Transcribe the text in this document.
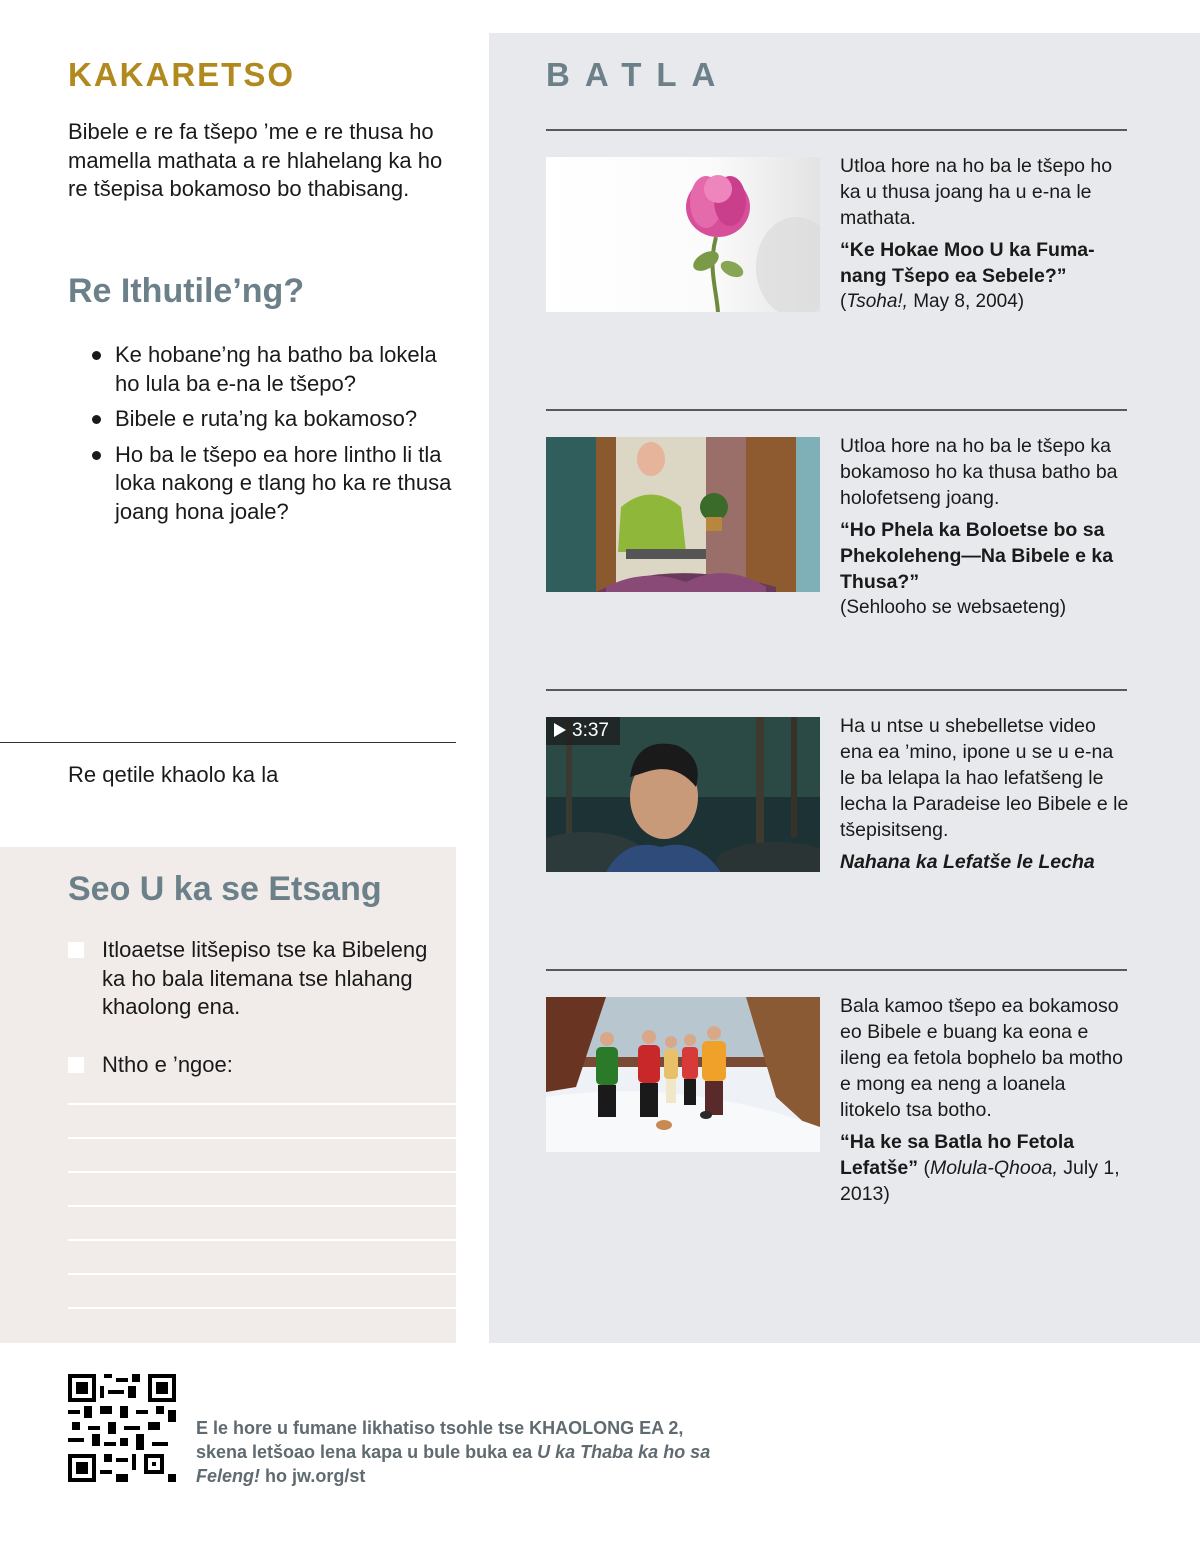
KAKARETSO

Bibele e re fa tšepo ’me e re thusa ho mamella mathata a re hlahelang ka ho re tšepisa bokamoso bo thabisang.

Re Ithutile’ng?
Ke hobane’ng ha batho ba lokela ho lula ba e-na le tšepo?
Bibele e ruta’ng ka bokamoso?
Ho ba le tšepo ea hore lintho li tla loka nakong e tlang ho ka re thusa joang hona joale?

Re qetile khaolo ka la

Seo U ka se Etsang
Itloaetse litšepiso tse ka Bibeleng ka ho bala litemana tse hlahang khaolong ena.
Ntho e ’ngoe:
BATLA

Utloa hore na ho ba le tšepo ho ka u thusa joang ha u e-na le mathata.

“Ke Hokae Moo U ka Fumanang Tšepo ea Sebele?”

(Tsoha!, May 8, 2004)

Utloa hore na ho ba le tšepo ka bokamoso ho ka thusa batho ba holofetseng joang.

“Ho Phela ka Boloetse bo sa Phekoleheng—Na Bibele e ka Thusa?”

(Sehlooho se websaeteng)

3:37	Ha u ntse u shebelletse video ena ea ’mino, ipone u se u e-na le ba lelapa la hao lefatšeng le lecha la Paradeise leo Bibele e le tšepisitseng.

Nahana ka Lefatše le Lecha

Bala kamoo tšepo ea bokamoso eo Bibele e buang ka eona e ileng ea fetola bophelo ba motho e mong ea neng a loanela litokelo tsa botho.

“Ha ke sa Batla ho Fetola Lefatše” (Molula-Qhooa, July 1, 2013)

E le hore u fumane likhatiso tsohle tse KHAOLONG EA 2, skena letšoao lena kapa u bule buka ea U ka Thaba ka ho sa Feleng! ho jw.org/st
